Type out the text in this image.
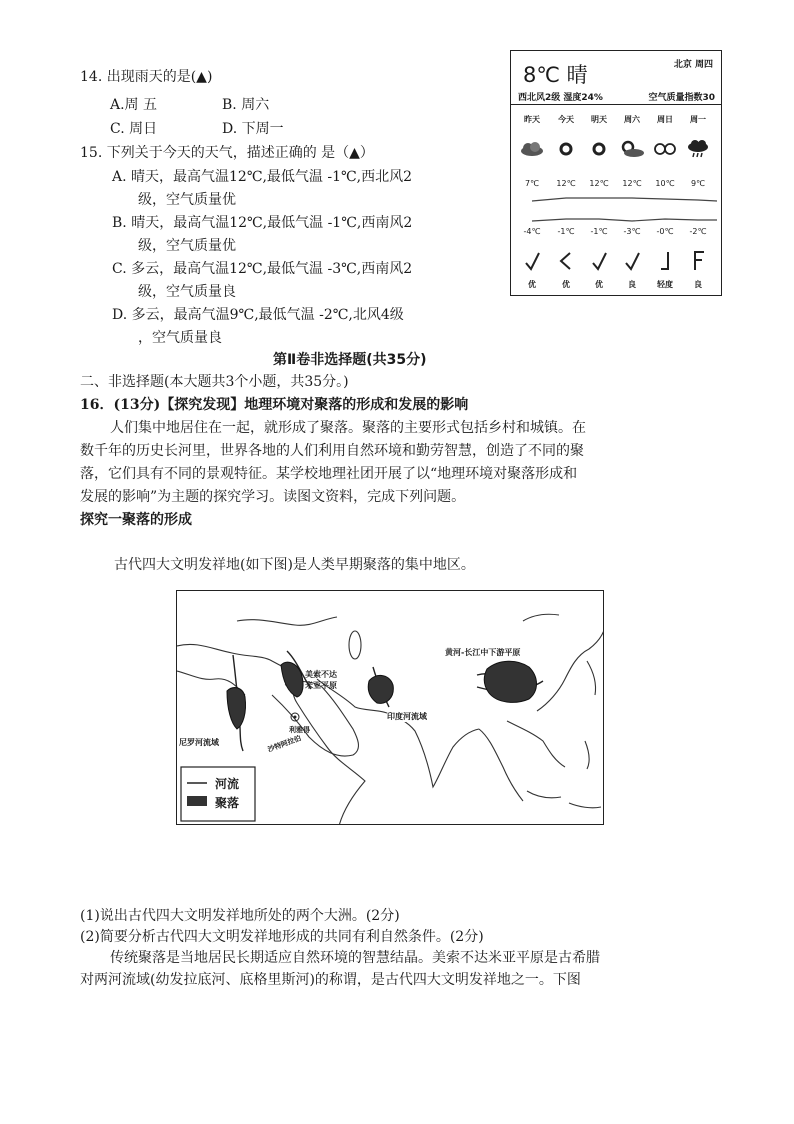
14. 出现雨天的是(▲)
A.周 五	B. 周六
C. 周日	D. 下周一
15. 下列关于今天的天气，描述正确的 是（▲）
A. 晴天，最高气温12℃,最低气温 -1℃,西北风2
级，空气质量优
B. 晴天，最高气温12℃,最低气温 -1℃,西南风2
级，空气质量优
C. 多云，最高气温12℃,最低气温 -3℃,西南风2
级，空气质量良
D. 多云，最高气温9℃,最低气温 -2℃,北风4级
，空气质量良
8℃ 晴	北京 周四
西北风2级 湿度24%	空气质量指数30
昨天	今天	明天	周六	周日	周一
7℃	12℃	12℃	12℃	10℃	9℃
-4℃	-1℃	-1℃	-3℃	-0℃	-2℃
优	优	优	良	轻度	良
第Ⅱ卷非选择题(共35分)
二、非选择题(本大题共3个小题，共35分。)
16．(13分)【探究发现】地理环境对聚落的形成和发展的影响
人们集中地居住在一起，就形成了聚落。聚落的主要形式包括乡村和城镇。在
数千年的历史长河里，世界各地的人们利用自然环境和勤劳智慧，创造了不同的聚
落，它们具有不同的景观特征。某学校地理社团开展了以“地理环境对聚落形成和
发展的影响”为主题的探究学习。读图文资料，完成下列问题。
探究一聚落的形成
古代四大文明发祥地(如下图)是人类早期聚落的集中地区。
黄河-长江中下游平原
美索不达
米亚平原
印度河流域
尼罗河流域
利雅得
沙特阿拉伯
河流
聚落
(1)说出古代四大文明发祥地所处的两个大洲。(2分)
(2)简要分析古代四大文明发祥地形成的共同有利自然条件。(2分)
传统聚落是当地居民长期适应自然环境的智慧结晶。美索不达米亚平原是古希腊
对两河流域(幼发拉底河、底格里斯河)的称谓，是古代四大文明发祥地之一。下图
